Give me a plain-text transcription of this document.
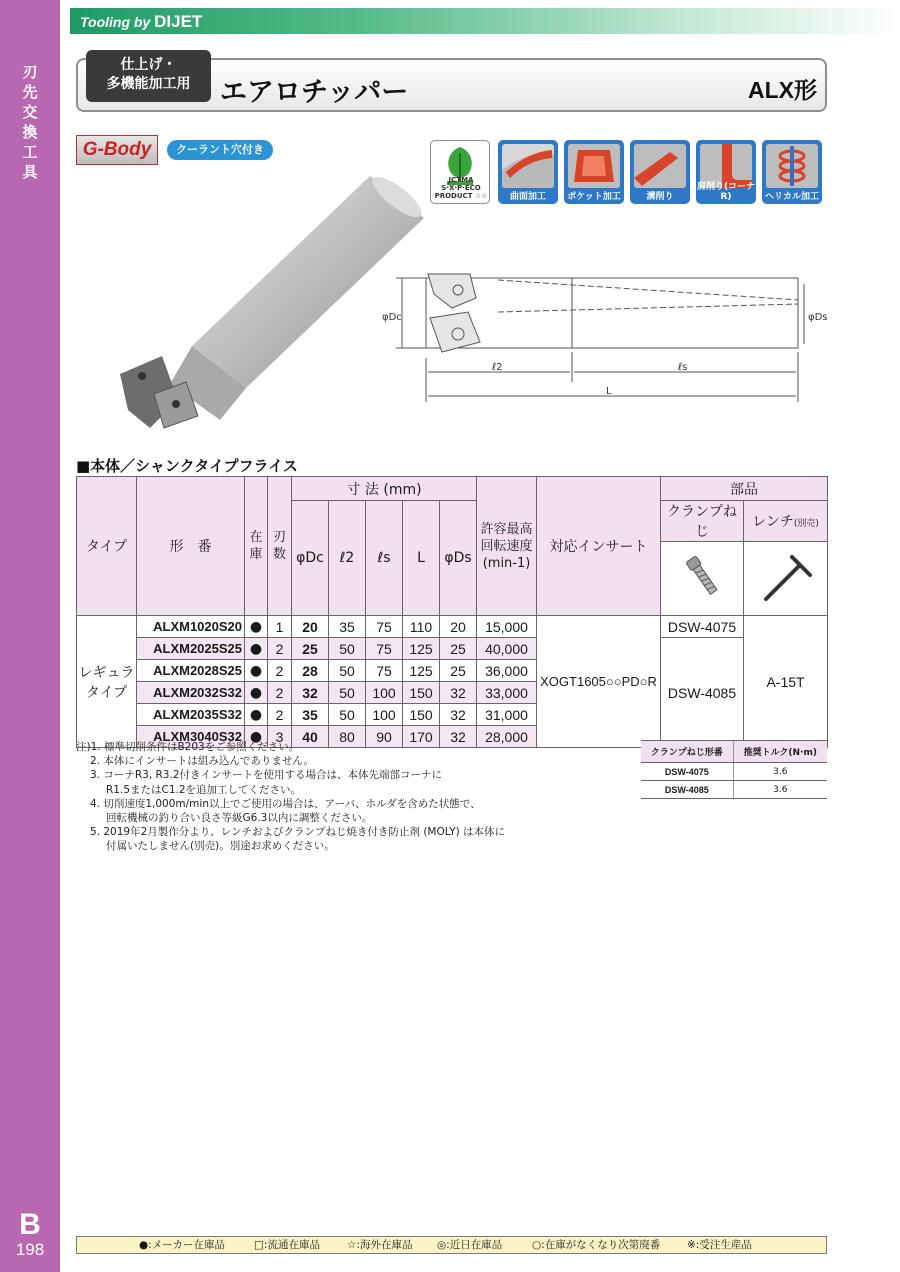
刃
先
交
換
工
具
B
198
Tooling by DIJET
仕上げ・
多機能加工用	エアロチッパー	ALX形
G-Body	クーラント穴付き
JCTMA S·X·P·ECO PRODUCT ☆☆	曲面加工	ポケット加工	溝削り
肩削り(コーナR)	ヘリカル加工
φDc	φDs
ℓ2	ℓs
L
■本体／シャンクタイプフライス
タイプ	形　番	在庫	刃数	寸 法 (mm)					許容最高
回転速度
(min-1)	対応インサート	部品	
				φDc	ℓ2	ℓs	L	φDs			クランプねじ	レンチ(別売)

レギュラ
タイプ	ALXM1020S20	●	1	20	35	75	110	20	15,000	XOGT1605○○PD○R	DSW-4075	A-15T
	ALXM2025S25	●	2	25	50	75	125	25	40,000		DSW-4085	
	ALXM2028S25	●	2	28	50	75	125	25	36,000			
	ALXM2032S32	●	2	32	50	100	150	32	33,000			
	ALXM2035S32	●	2	35	50	100	150	32	31,000			
	ALXM3040S32	●	3	40	80	90	170	32	28,000			
注)1. 標準切削条件はB203をご参照ください。
2. 本体にインサートは組み込んでありません。
3. コーナR3, R3.2付きインサートを使用する場合は、本体先端部コーナに
R1.5またはC1.2を追加工してください。
4. 切削速度1,000m/min以上でご使用の場合は、アーバ、ホルダを含めた状態で、
回転機械の釣り合い良さ等級G6.3以内に調整ください。
5. 2019年2月製作分より、レンチおよびクランプねじ焼き付き防止剤 (MOLY) は本体に
付属いたしません(別売)。別途お求めください。
クランプねじ形番	推奨トルク(N·m)
DSW-4075	3.6
DSW-4085	3.6
●:メーカー在庫品	□:流通在庫品	☆:海外在庫品 ◎:近日在庫品	○:在庫がなくなり次第廃番	※:受注生産品
